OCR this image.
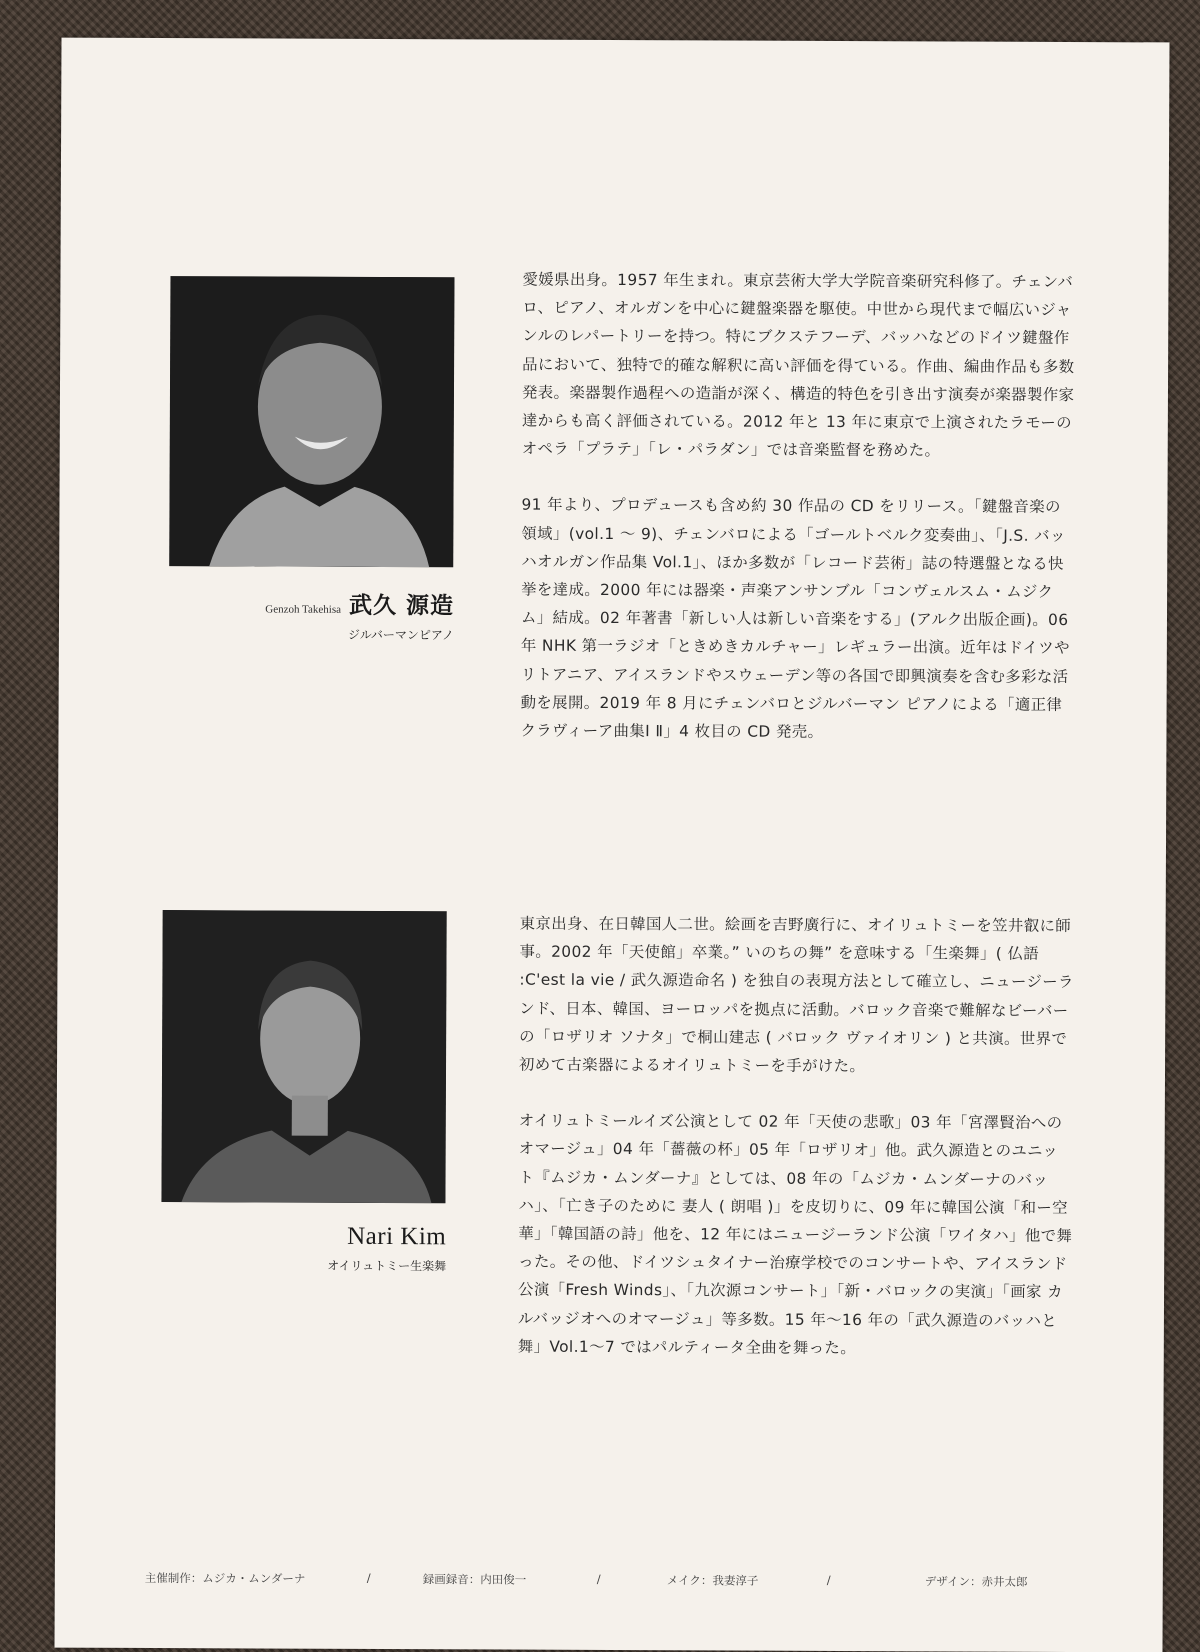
Genzoh Takehisa 武久 源造
ジルバーマンピアノ

愛媛県出身。1957 年生まれ。東京芸術大学大学院音楽研究科修了。チェンバロ、ピアノ、オルガンを中心に鍵盤楽器を駆使。中世から現代まで幅広いジャンルのレパートリーを持つ。特にブクステフーデ、バッハなどのドイツ鍵盤作品において、独特で的確な解釈に高い評価を得ている。作曲、編曲作品も多数発表。楽器製作過程への造詣が深く、構造的特色を引き出す演奏が楽器製作家達からも高く評価されている。2012 年と 13 年に東京で上演されたラモーのオペラ「プラテ」「レ・パラダン」では音楽監督を務めた。

91 年より、プロデュースも含め約 30 作品の CD をリリース。「鍵盤音楽の領域」(vol.1 ～ 9)、チェンバロによる「ゴールトベルク変奏曲」、「J.S. バッハオルガン作品集 Vol.1」、ほか多数が「レコード芸術」誌の特選盤となる快挙を達成。2000 年には器楽・声楽アンサンブル「コンヴェルスム・ムジクム」結成。02 年著書「新しい人は新しい音楽をする」(アルク出版企画)。06 年 NHK 第一ラジオ「ときめきカルチャー」レギュラー出演。近年はドイツやリトアニア、アイスランドやスウェーデン等の各国で即興演奏を含む多彩な活動を展開。2019 年 8 月にチェンバロとジルバーマン ピアノによる「適正律クラヴィーア曲集Ⅰ Ⅱ」4 枚目の CD 発売。

Nari Kim
オイリュトミー生楽舞

東京出身、在日韓国人二世。絵画を吉野廣行に、オイリュトミーを笠井叡に師事。2002 年「天使館」卒業。” いのちの舞” を意味する「生楽舞」( 仏語 :C'est la vie / 武久源造命名 ) を独自の表現方法として確立し、ニュージーランド、日本、韓国、ヨーロッパを拠点に活動。バロック音楽で難解なビーバーの「ロザリオ ソナタ」で桐山建志 ( バロック ヴァイオリン ) と共演。世界で初めて古楽器によるオイリュトミーを手がけた。

オイリュトミールイズ公演として 02 年「天使の悲歌」03 年「宮澤賢治へのオマージュ」04 年「薔薇の杯」05 年「ロザリオ」他。武久源造とのユニット『ムジカ・ムンダーナ』としては、08 年の「ムジカ・ムンダーナのバッハ」、「亡き子のために 妻人 ( 朗唱 )」を皮切りに、09 年に韓国公演「和ー空華」「韓国語の詩」他を、12 年にはニュージーランド公演「ワイタハ」他で舞った。その他、ドイツシュタイナー治療学校でのコンサートや、アイスランド公演「Fresh Winds」、「九次源コンサート」「新・バロックの実演」「画家 カルバッジオへのオマージュ」等多数。15 年～16 年の「武久源造のバッハと舞」Vol.1～7 ではパルティータ全曲を舞った。

主催制作：ムジカ・ムンダーナ	/	録画録音：内田俊一	/	メイク：我妻淳子	/	デザイン：赤井太郎
